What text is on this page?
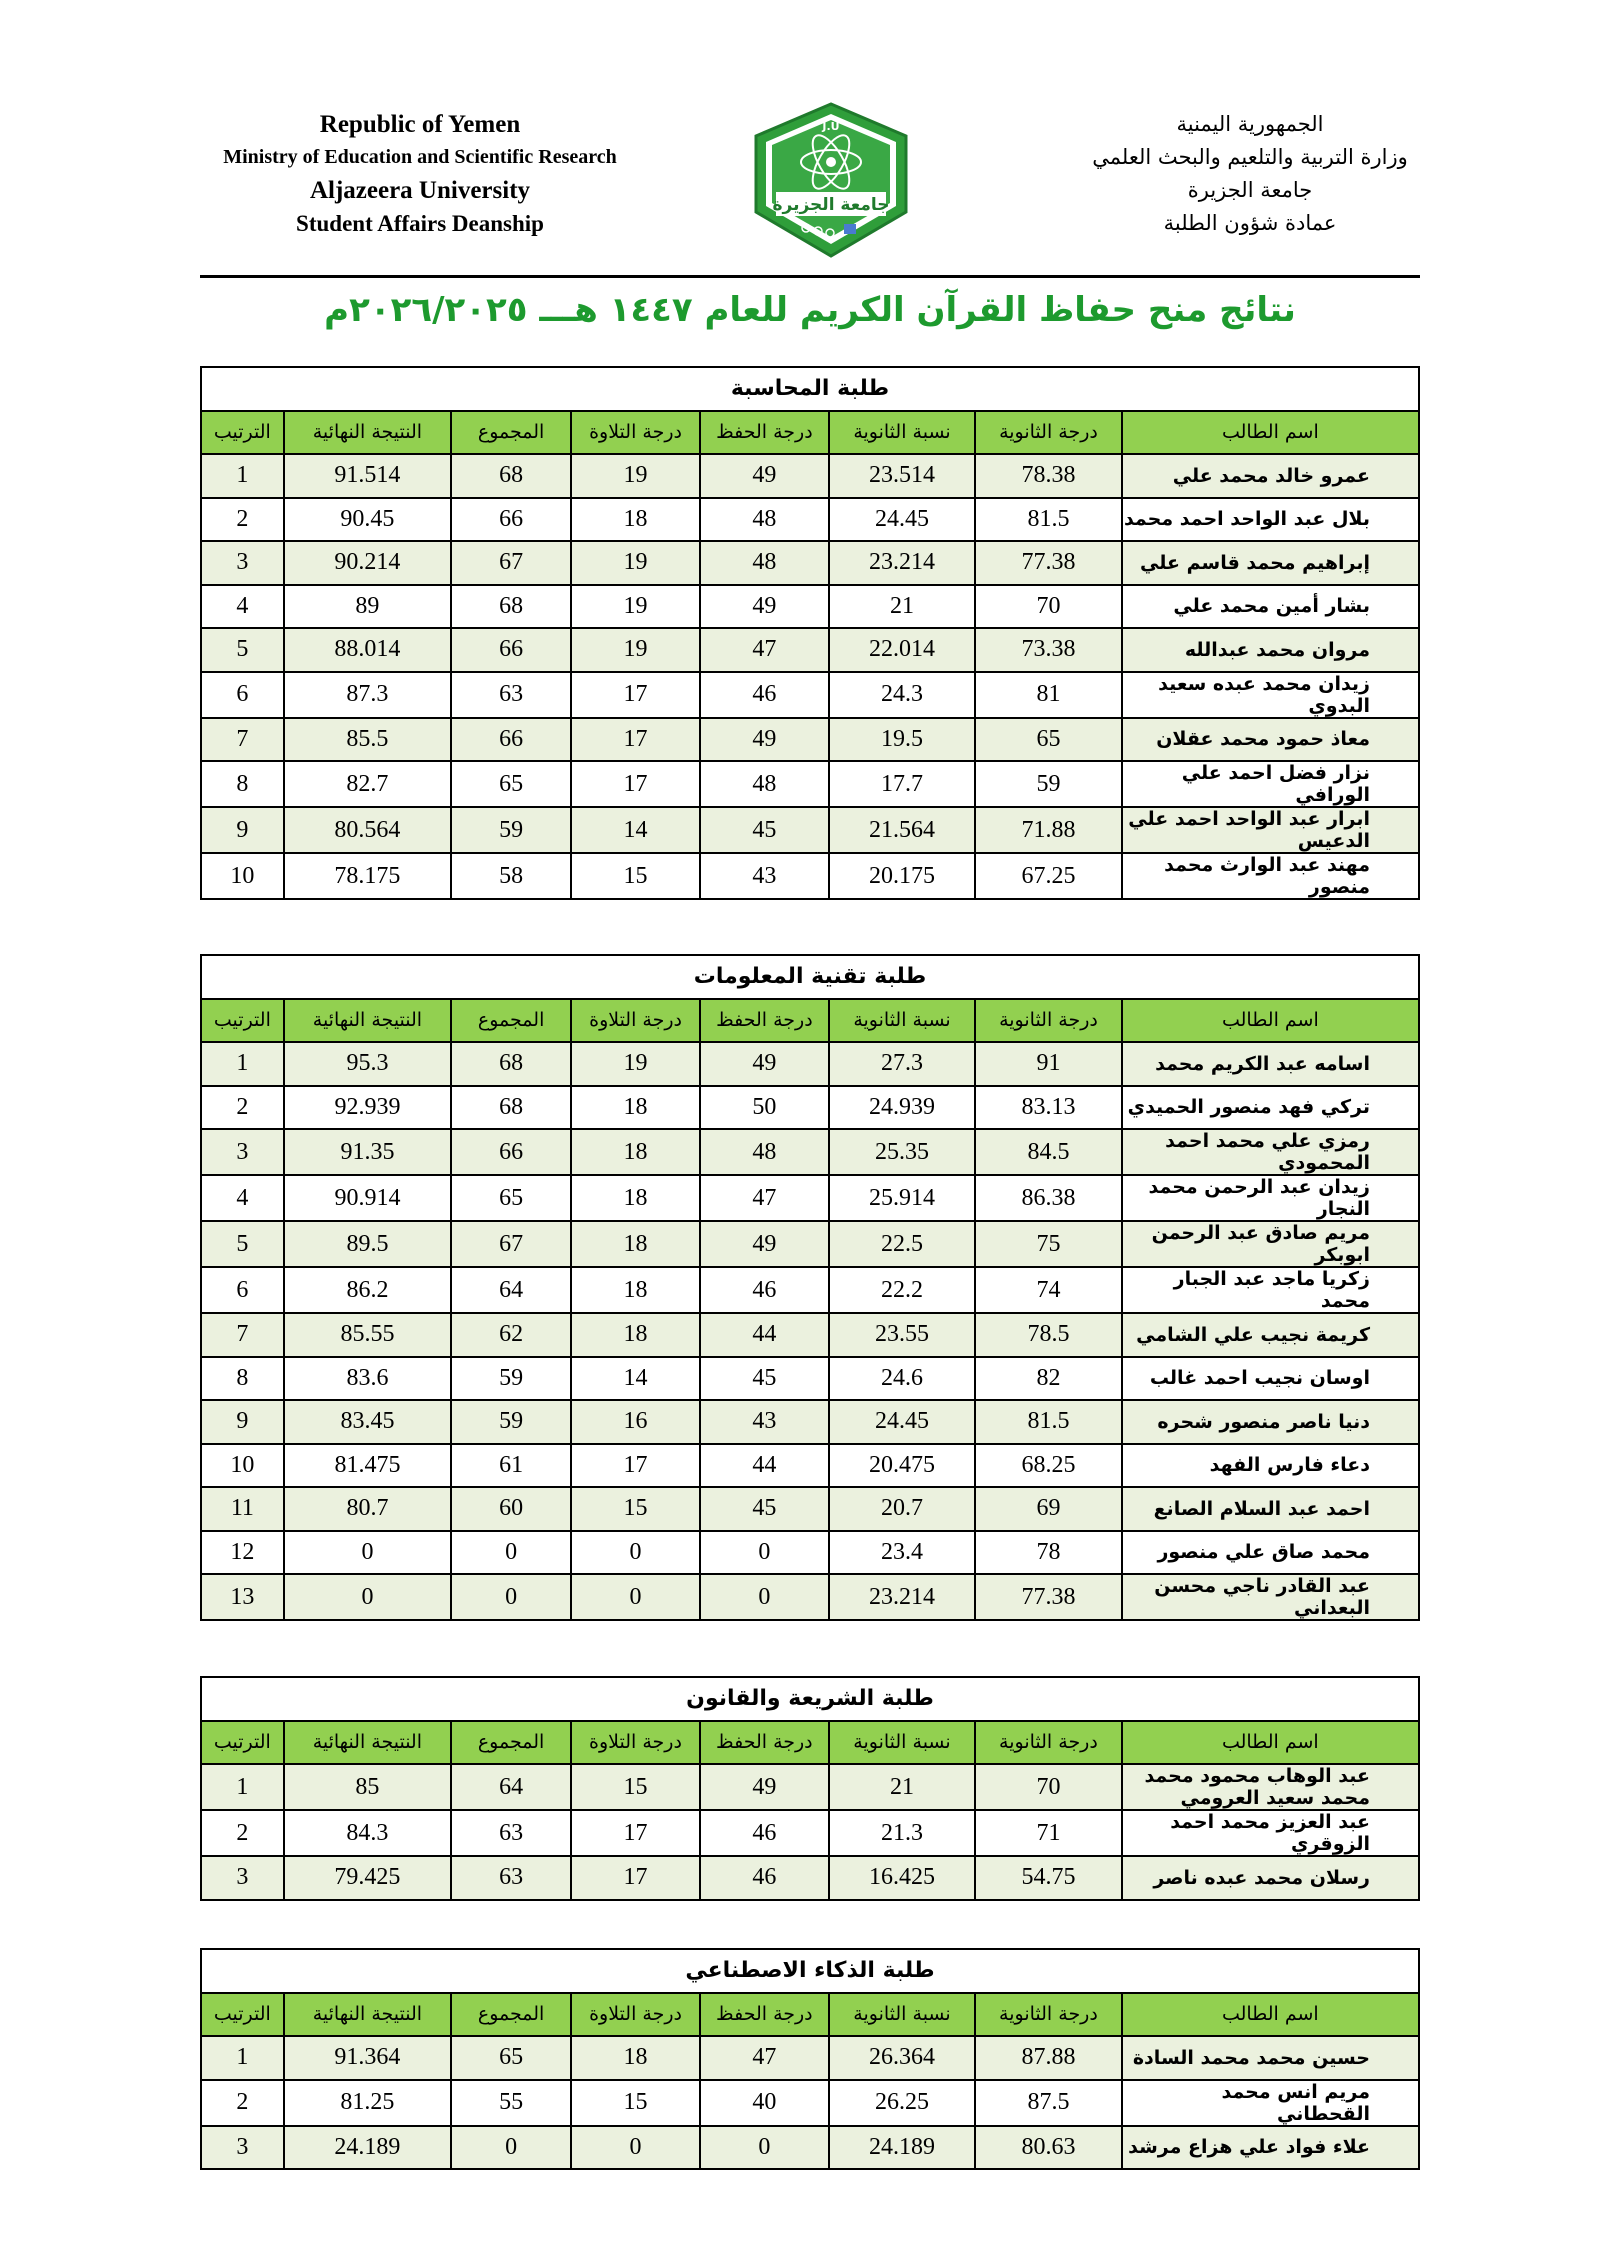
Republic of Yemen
Ministry of Education and Scientific Research
Aljazeera University
Student Affairs Deanship
J.U
جامعة الجزيرة
الجمهورية اليمنية
وزارة التربية والتلعيم والبحث العلمي
جامعة الجزيرة
عمادة شؤون الطلبة
نتائج منح حفاظ القرآن الكريم للعام ١٤٤٧ هـــ ٢٠٢٦/٢٠٢٥م
طلبة المحاسبة							
اسم الطالب	درجة الثانوية	نسبة الثانوية	درجة الحفظ	درجة التلاوة	المجموع	النتيجة النهائية	الترتيب
عمرو خالد محمد علي	78.38	23.514	49	19	68	91.514	1
بلال عبد الواحد احمد محمد	81.5	24.45	48	18	66	90.45	2
إبراهيم محمد قاسم علي	77.38	23.214	48	19	67	90.214	3
بشار أمين محمد علي	70	21	49	19	68	89	4
مروان محمد عبدالله	73.38	22.014	47	19	66	88.014	5
زيدان محمد عبده سعيد البدوي	81	24.3	46	17	63	87.3	6
معاذ حمود محمد عقلان	65	19.5	49	17	66	85.5	7
نزار فضل احمد علي الورافي	59	17.7	48	17	65	82.7	8
ابرار عبد الواحد احمد علي الدعيس	71.88	21.564	45	14	59	80.564	9
مهند عبد الوارث محمد منصور	67.25	20.175	43	15	58	78.175	10
طلبة تقنية المعلومات							
اسم الطالب	درجة الثانوية	نسبة الثانوية	درجة الحفظ	درجة التلاوة	المجموع	النتيجة النهائية	الترتيب
اسامه عبد الكريم محمد	91	27.3	49	19	68	95.3	1
تركي فهد منصور الحميدي	83.13	24.939	50	18	68	92.939	2
رمزي علي محمد احمد المحمودي	84.5	25.35	48	18	66	91.35	3
زيدان عبد الرحمن محمد النجار	86.38	25.914	47	18	65	90.914	4
مريم صادق عبد الرحمن ابوبكر	75	22.5	49	18	67	89.5	5
زكريا ماجد عبد الجبار محمد	74	22.2	46	18	64	86.2	6
كريمة نجيب علي الشامي	78.5	23.55	44	18	62	85.55	7
اوسان نجيب احمد غالب	82	24.6	45	14	59	83.6	8
دنيا ناصر منصور شحره	81.5	24.45	43	16	59	83.45	9
دعاء فارس الفهد	68.25	20.475	44	17	61	81.475	10
احمد عبد السلام الصانع	69	20.7	45	15	60	80.7	11
محمد صاق علي منصور	78	23.4	0	0	0	0	12
عبد القادر ناجي محسن البعداني	77.38	23.214	0	0	0	0	13
طلبة الشريعة والقانون							
اسم الطالب	درجة الثانوية	نسبة الثانوية	درجة الحفظ	درجة التلاوة	المجموع	النتيجة النهائية	الترتيب
عبد الوهاب محمود محمد محمد سعيد العرومي	70	21	49	15	64	85	1
عبد العزيز محمد احمد الزوقري	71	21.3	46	17	63	84.3	2
رسلان محمد عبده ناصر	54.75	16.425	46	17	63	79.425	3
طلبة الذكاء الاصطناعي							
اسم الطالب	درجة الثانوية	نسبة الثانوية	درجة الحفظ	درجة التلاوة	المجموع	النتيجة النهائية	الترتيب
حسين محمد محمد السادة	87.88	26.364	47	18	65	91.364	1
مريم انس محمد القحطاني	87.5	26.25	40	15	55	81.25	2
علاء فواد علي هزاع مرشد	80.63	24.189	0	0	0	24.189	3
